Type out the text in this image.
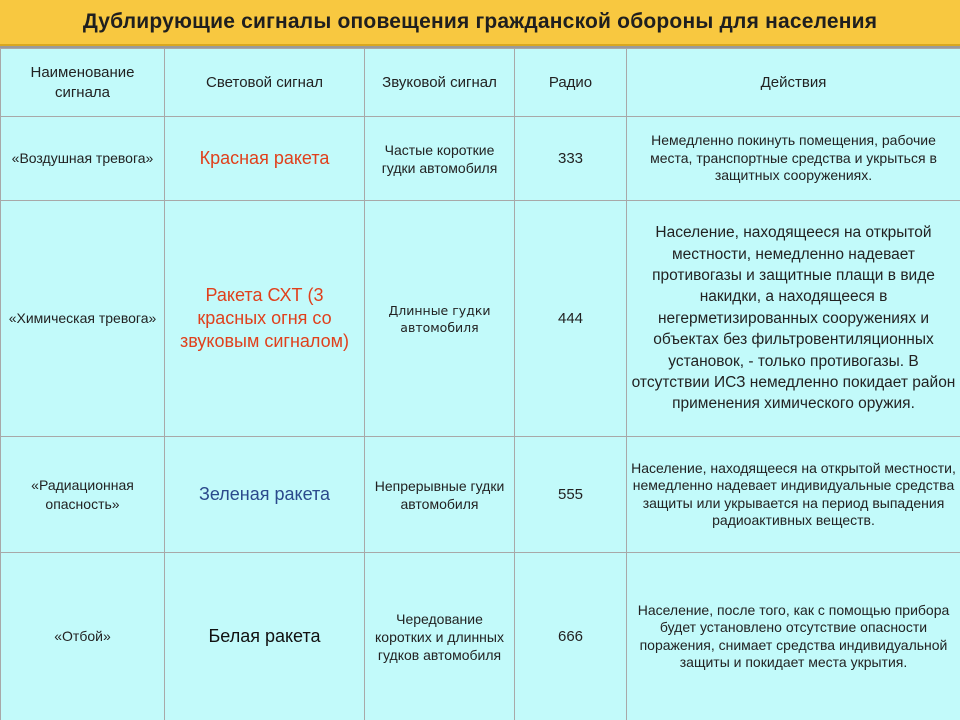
Дублирующие сигналы оповещения гражданской обороны для населения
Наименование сигнала	Световой сигнал	Звуковой сигнал	Радио	Действия
«Воздушная тревога»	Красная ракета	Частые короткие гудки автомобиля	333	Немедленно покинуть помещения, рабочие места, транспортные средства и укрыться в защитных сооружениях.
«Химическая тревога»	Ракета СХТ (3 красных огня со звуковым сигналом)	Длинные гудки автомобиля	444	Население, находящееся на открытой местности, немедленно надевает противогазы и защитные плащи в виде накидки, а находящееся в негерметизированных сооружениях и объектах без фильтровентиляционных установок, - только противогазы. В отсутствии ИСЗ немедленно покидает район применения химического оружия.
«Радиационная опасность»	Зеленая ракета	Непрерывные гудки автомобиля	555	Население, находящееся на открытой местности, немедленно надевает индивидуальные средства защиты или укрывается на период выпадения радиоактивных веществ.
«Отбой»	Белая ракета	Чередование коротких и длинных гудков автомобиля	666	Население, после того, как с помощью прибора будет установлено отсутствие опасности поражения, снимает средства индивидуальной защиты и покидает места укрытия.
